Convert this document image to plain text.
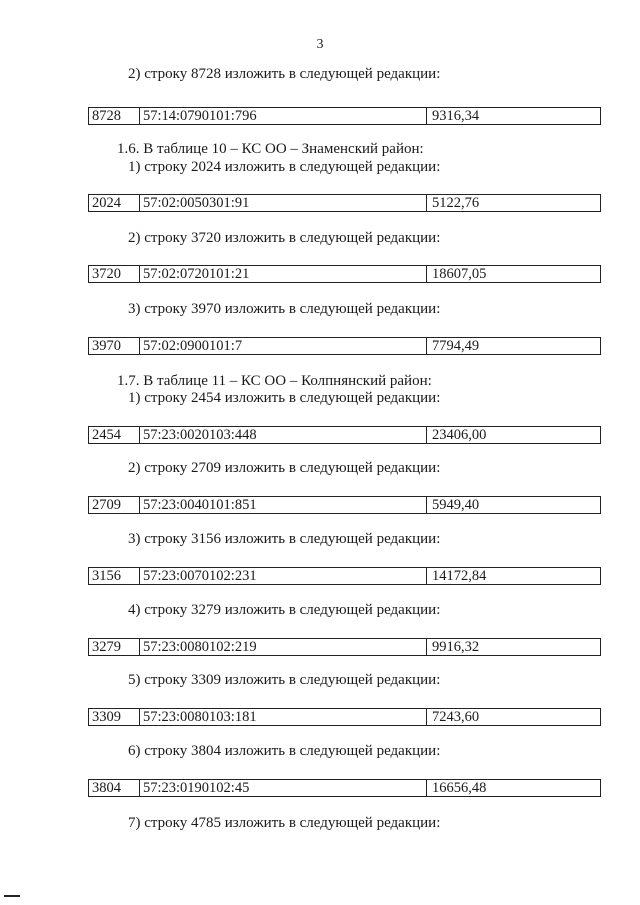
3
2) строку 8728 изложить в следующей редакции:
8728	57:14:0790101:796	9316,34
1.6. В таблице 10 – КС ОО – Знаменский район:
1) строку 2024 изложить в следующей редакции:
2024	57:02:0050301:91	5122,76
2) строку 3720 изложить в следующей редакции:
3720	57:02:0720101:21	18607,05
3) строку 3970 изложить в следующей редакции:
3970	57:02:0900101:7	7794,49
1.7. В таблице 11 – КС ОО – Колпнянский район:
1) строку 2454 изложить в следующей редакции:
2454	57:23:0020103:448	23406,00
2) строку 2709 изложить в следующей редакции:
2709	57:23:0040101:851	5949,40
3) строку 3156 изложить в следующей редакции:
3156	57:23:0070102:231	14172,84
4) строку 3279 изложить в следующей редакции:
3279	57:23:0080102:219	9916,32
5) строку 3309 изложить в следующей редакции:
3309	57:23:0080103:181	7243,60
6) строку 3804 изложить в следующей редакции:
3804	57:23:0190102:45	16656,48
7) строку 4785 изложить в следующей редакции:
